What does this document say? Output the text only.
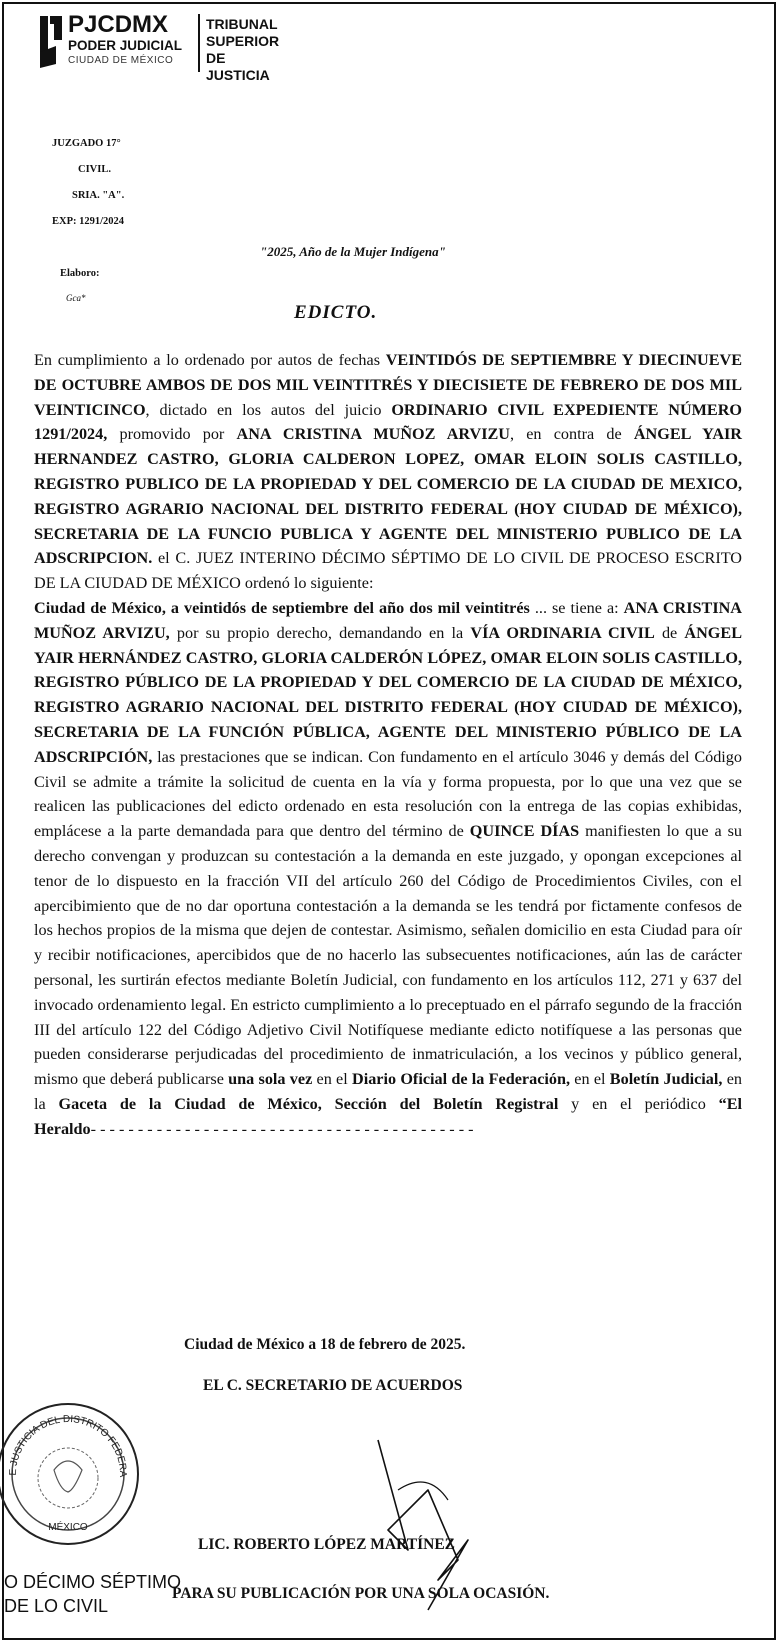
PJCDMX
PODER JUDICIAL
CIUDAD DE MÉXICO
TRIBUNAL
SUPERIOR DE
JUSTICIA
JUZGADO 17°
CIVIL.
SRIA. "A".
EXP: 1291/2024
Elaboro:
Gca*
"2025, Año de la Mujer Indígena"
EDICTO.
En cumplimiento a lo ordenado por autos de fechas VEINTIDÓS DE SEPTIEMBRE Y DIECINUEVE DE OCTUBRE AMBOS DE DOS MIL VEINTITRÉS Y DIECISIETE DE FEBRERO DE DOS MIL VEINTICINCO, dictado en los autos del juicio ORDINARIO CIVIL EXPEDIENTE NÚMERO 1291/2024, promovido por ANA CRISTINA MUÑOZ ARVIZU, en contra de ÁNGEL YAIR HERNANDEZ CASTRO, GLORIA CALDERON LOPEZ, OMAR ELOIN SOLIS CASTILLO, REGISTRO PUBLICO DE LA PROPIEDAD Y DEL COMERCIO DE LA CIUDAD DE MEXICO, REGISTRO AGRARIO NACIONAL DEL DISTRITO FEDERAL (HOY CIUDAD DE MÉXICO), SECRETARIA DE LA FUNCIO PUBLICA Y AGENTE DEL MINISTERIO PUBLICO DE LA ADSCRIPCION. el C. JUEZ INTERINO DÉCIMO SÉPTIMO DE LO CIVIL DE PROCESO ESCRITO DE LA CIUDAD DE MÉXICO ordenó lo siguiente:
Ciudad de México, a veintidós de septiembre del año dos mil veintitrés ... se tiene a: ANA CRISTINA MUÑOZ ARVIZU, por su propio derecho, demandando en la VÍA ORDINARIA CIVIL de ÁNGEL YAIR HERNÁNDEZ CASTRO, GLORIA CALDERÓN LÓPEZ, OMAR ELOIN SOLIS CASTILLO, REGISTRO PÚBLICO DE LA PROPIEDAD Y DEL COMERCIO DE LA CIUDAD DE MÉXICO, REGISTRO AGRARIO NACIONAL DEL DISTRITO FEDERAL (HOY CIUDAD DE MÉXICO), SECRETARIA DE LA FUNCIÓN PÚBLICA, AGENTE DEL MINISTERIO PÚBLICO DE LA ADSCRIPCIÓN, las prestaciones que se indican. Con fundamento en el artículo 3046 y demás del Código Civil se admite a trámite la solicitud de cuenta en la vía y forma propuesta, por lo que una vez que se realicen las publicaciones del edicto ordenado en esta resolución con la entrega de las copias exhibidas, emplácese a la parte demandada para que dentro del término de QUINCE DÍAS manifiesten lo que a su derecho convengan y produzcan su contestación a la demanda en este juzgado, y opongan excepciones al tenor de lo dispuesto en la fracción VII del artículo 260 del Código de Procedimientos Civiles, con el apercibimiento que de no dar oportuna contestación a la demanda se les tendrá por fictamente confesos de los hechos propios de la misma que dejen de contestar. Asimismo, señalen domicilio en esta Ciudad para oír y recibir notificaciones, apercibidos que de no hacerlo las subsecuentes notificaciones, aún las de carácter personal, les surtirán efectos mediante Boletín Judicial, con fundamento en los artículos 112, 271 y 637 del invocado ordenamiento legal. En estricto cumplimiento a lo preceptuado en el párrafo segundo de la fracción III del artículo 122 del Código Adjetivo Civil Notifíquese mediante edicto notifíquese a las personas que pueden considerarse perjudicadas del procedimiento de inmatriculación, a los vecinos y público general, mismo que deberá publicarse una sola vez en el Diario Oficial de la Federación, en el Boletín Judicial, en la Gaceta de la Ciudad de México, Sección del Boletín Registral y en el periódico “El Heraldo- - - - - - - - - - - - - - - - - - - - - - - - - - - - - - - - - - - - - - - - -
Ciudad de México a 18 de febrero de 2025.
EL C. SECRETARIO DE ACUERDOS
LIC. ROBERTO LÓPEZ MARTÍNEZ
PARA SU PUBLICACIÓN POR UNA SOLA OCASIÓN.
E JUSTICIA DEL DISTRITO FEDERA
MÉXICO
O DÉCIMO SÉPTIMO
DE LO CIVIL
